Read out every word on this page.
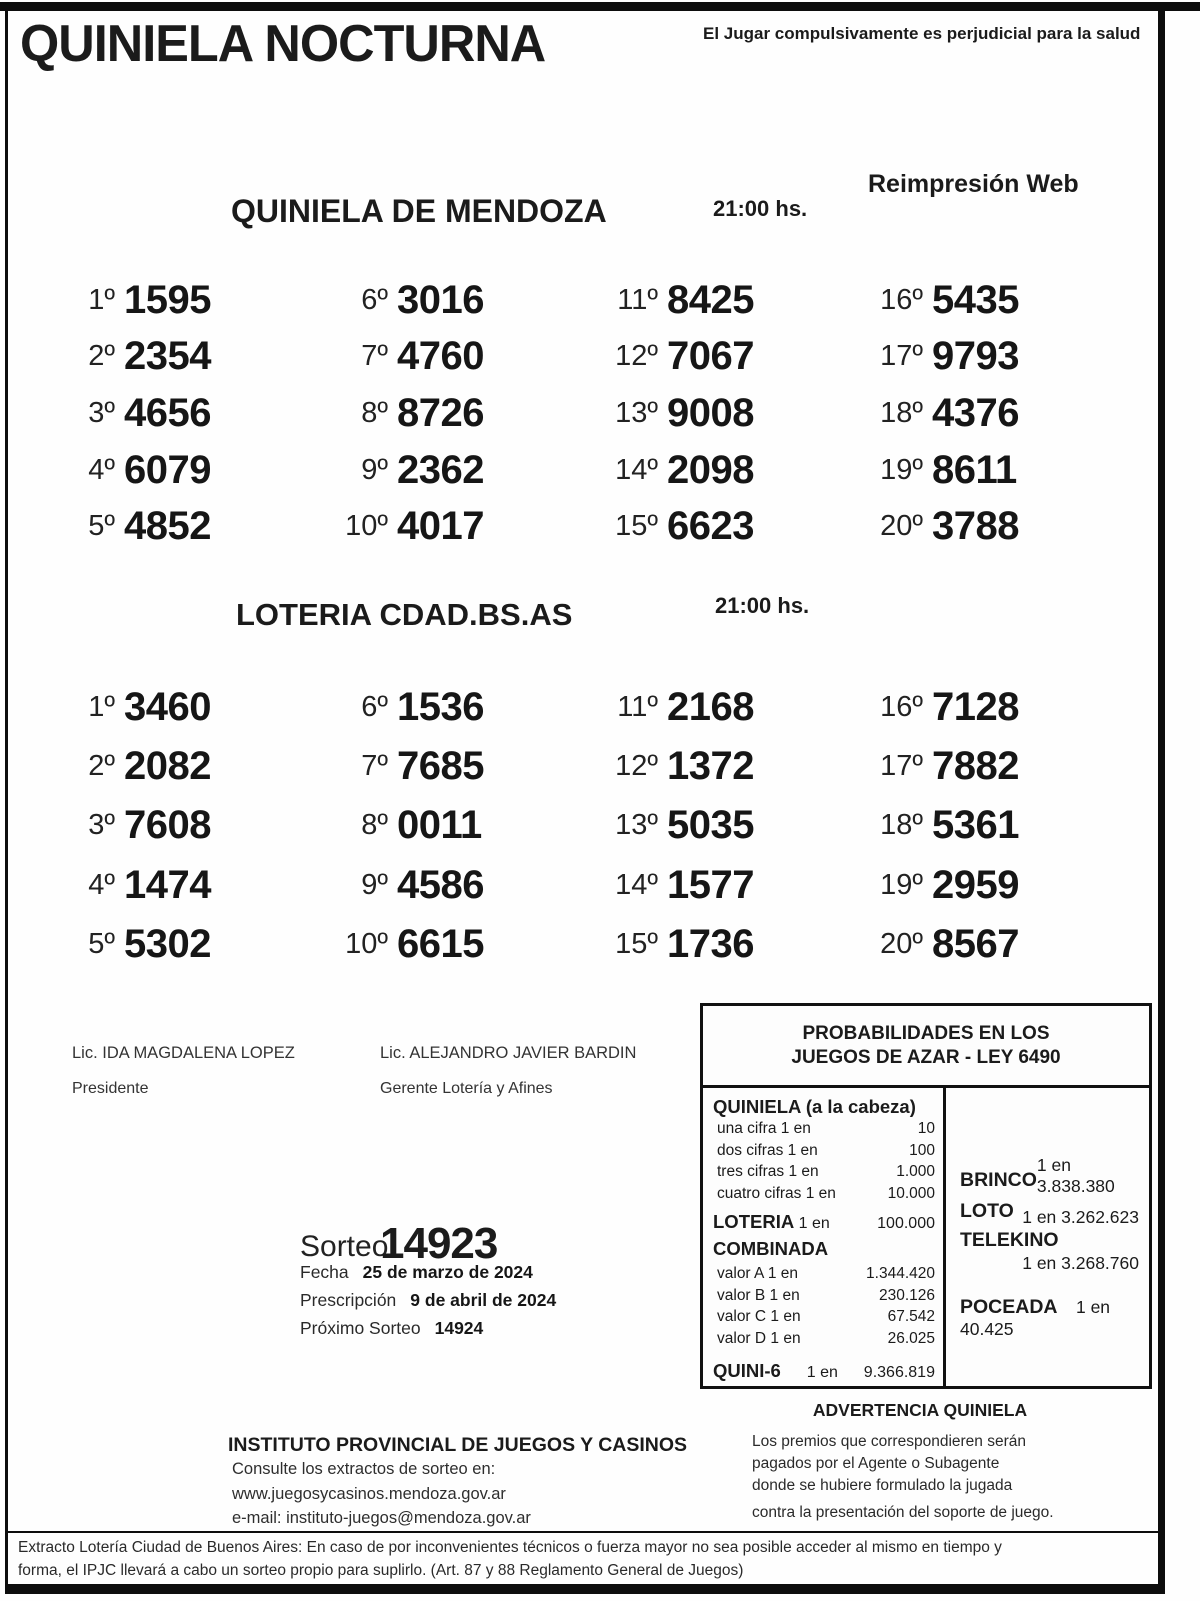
QUINIELA NOCTURNA	El Jugar compulsivamente es perjudicial para la salud
QUINIELA DE MENDOZA	21:00 hs.
Reimpresión Web
1º 1595
2º 2354
3º 4656
4º 6079
5º 4852
6º 3016
7º 4760
8º 8726
9º 2362
10º 4017
11º 8425
12º 7067
13º 9008
14º 2098
15º 6623
16º 5435
17º 9793
18º 4376
19º 8611
20º 3788
LOTERIA CDAD.BS.AS	21:00 hs.
1º 3460
2º 2082
3º 7608
4º 1474
5º 5302
6º 1536
7º 7685
8º 0011
9º 4586
10º 6615
11º 2168
12º 1372
13º 5035
14º 1577
15º 1736
16º 7128
17º 7882
18º 5361
19º 2959
20º 8567
Lic. IDA MAGDALENA LOPEZ
Presidente
Lic. ALEJANDRO JAVIER BARDIN
Gerente Lotería y Afines
PROBABILIDADES EN LOS
JUEGOS DE AZAR - LEY 6490
QUINIELA (a la cabeza)
una cifra 1 en	10
dos cifras 1 en	100
tres cifras 1 en	1.000
cuatro cifras 1 en	10.000
LOTERIA 1 en	100.000
COMBINADA
valor A 1 en	1.344.420
valor B 1 en	230.126
valor C 1 en	67.542
valor D 1 en	26.025
QUINI-6 1 en 9.366.819
BRINCO
1 en 3.838.380
LOTO 1 en 3.262.623
TELEKINO
1 en 3.268.760
POCEADA 1 en 40.425
Sorteo
14923
Fecha 25 de marzo de 2024
Prescripción 9 de abril de 2024
Próximo Sorteo 14924
INSTITUTO PROVINCIAL DE JUEGOS Y CASINOS
Consulte los extractos de sorteo en:
www.juegosycasinos.mendoza.gov.ar
e-mail: instituto-juegos@mendoza.gov.ar
ADVERTENCIA QUINIELA
Los premios que correspondieren serán
pagados por el Agente o Subagente
donde se hubiere formulado la jugada
contra la presentación del soporte de juego.
Extracto Lotería Ciudad de Buenos Aires: En caso de por inconvenientes técnicos o fuerza mayor no sea posible acceder al mismo en tiempo y
forma, el IPJC llevará a cabo un sorteo propio para suplirlo. (Art. 87 y 88 Reglamento General de Juegos)
